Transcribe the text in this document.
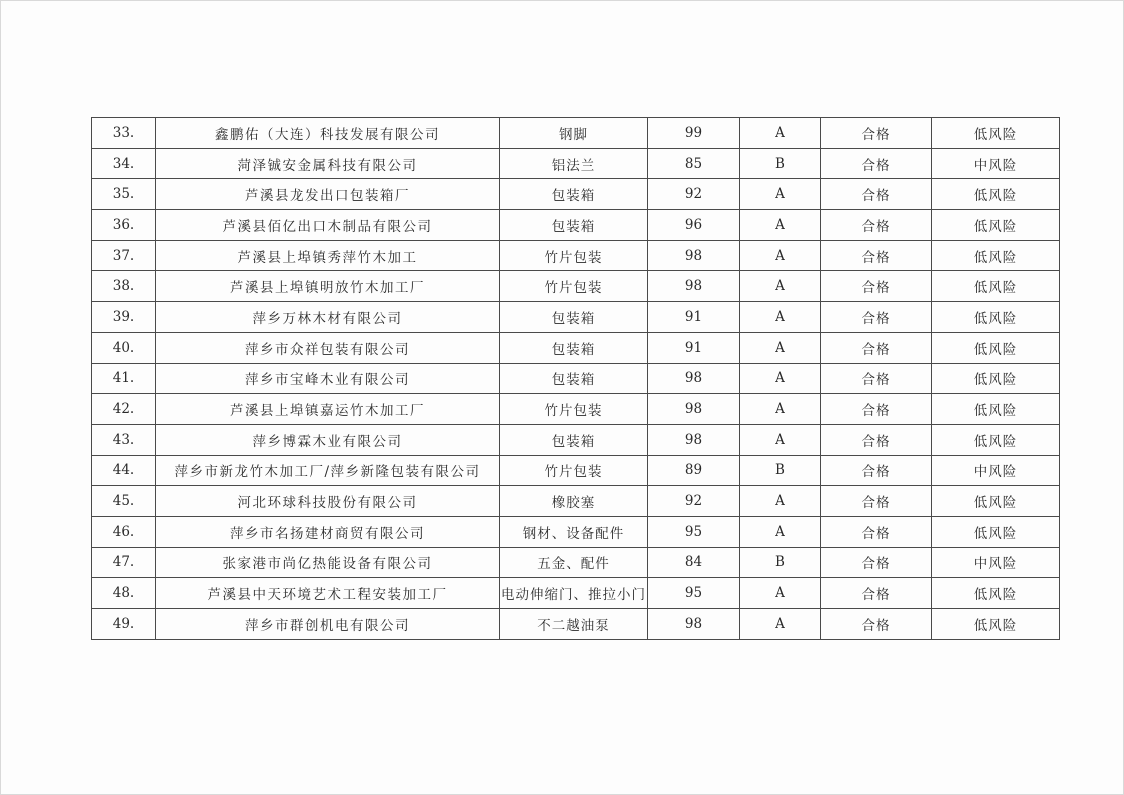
33.	鑫鹏佑（大连）科技发展有限公司	钢脚	99	A	合格	低风险
34.	菏泽铖安金属科技有限公司	铝法兰	85	B	合格	中风险
35.	芦溪县龙发出口包装箱厂	包装箱	92	A	合格	低风险
36.	芦溪县佰亿出口木制品有限公司	包装箱	96	A	合格	低风险
37.	芦溪县上埠镇秀萍竹木加工	竹片包装	98	A	合格	低风险
38.	芦溪县上埠镇明放竹木加工厂	竹片包装	98	A	合格	低风险
39.	萍乡万林木材有限公司	包装箱	91	A	合格	低风险
40.	萍乡市众祥包装有限公司	包装箱	91	A	合格	低风险
41.	萍乡市宝峰木业有限公司	包装箱	98	A	合格	低风险
42.	芦溪县上埠镇嘉运竹木加工厂	竹片包装	98	A	合格	低风险
43.	萍乡博霖木业有限公司	包装箱	98	A	合格	低风险
44.	萍乡市新龙竹木加工厂/萍乡新隆包装有限公司	竹片包装	89	B	合格	中风险
45.	河北环球科技股份有限公司	橡胶塞	92	A	合格	低风险
46.	萍乡市名扬建材商贸有限公司	钢材、设备配件	95	A	合格	低风险
47.	张家港市尚亿热能设备有限公司	五金、配件	84	B	合格	中风险
48.	芦溪县中天环境艺术工程安装加工厂	电动伸缩门、推拉小门	95	A	合格	低风险
49.	萍乡市群创机电有限公司	不二越油泵	98	A	合格	低风险
